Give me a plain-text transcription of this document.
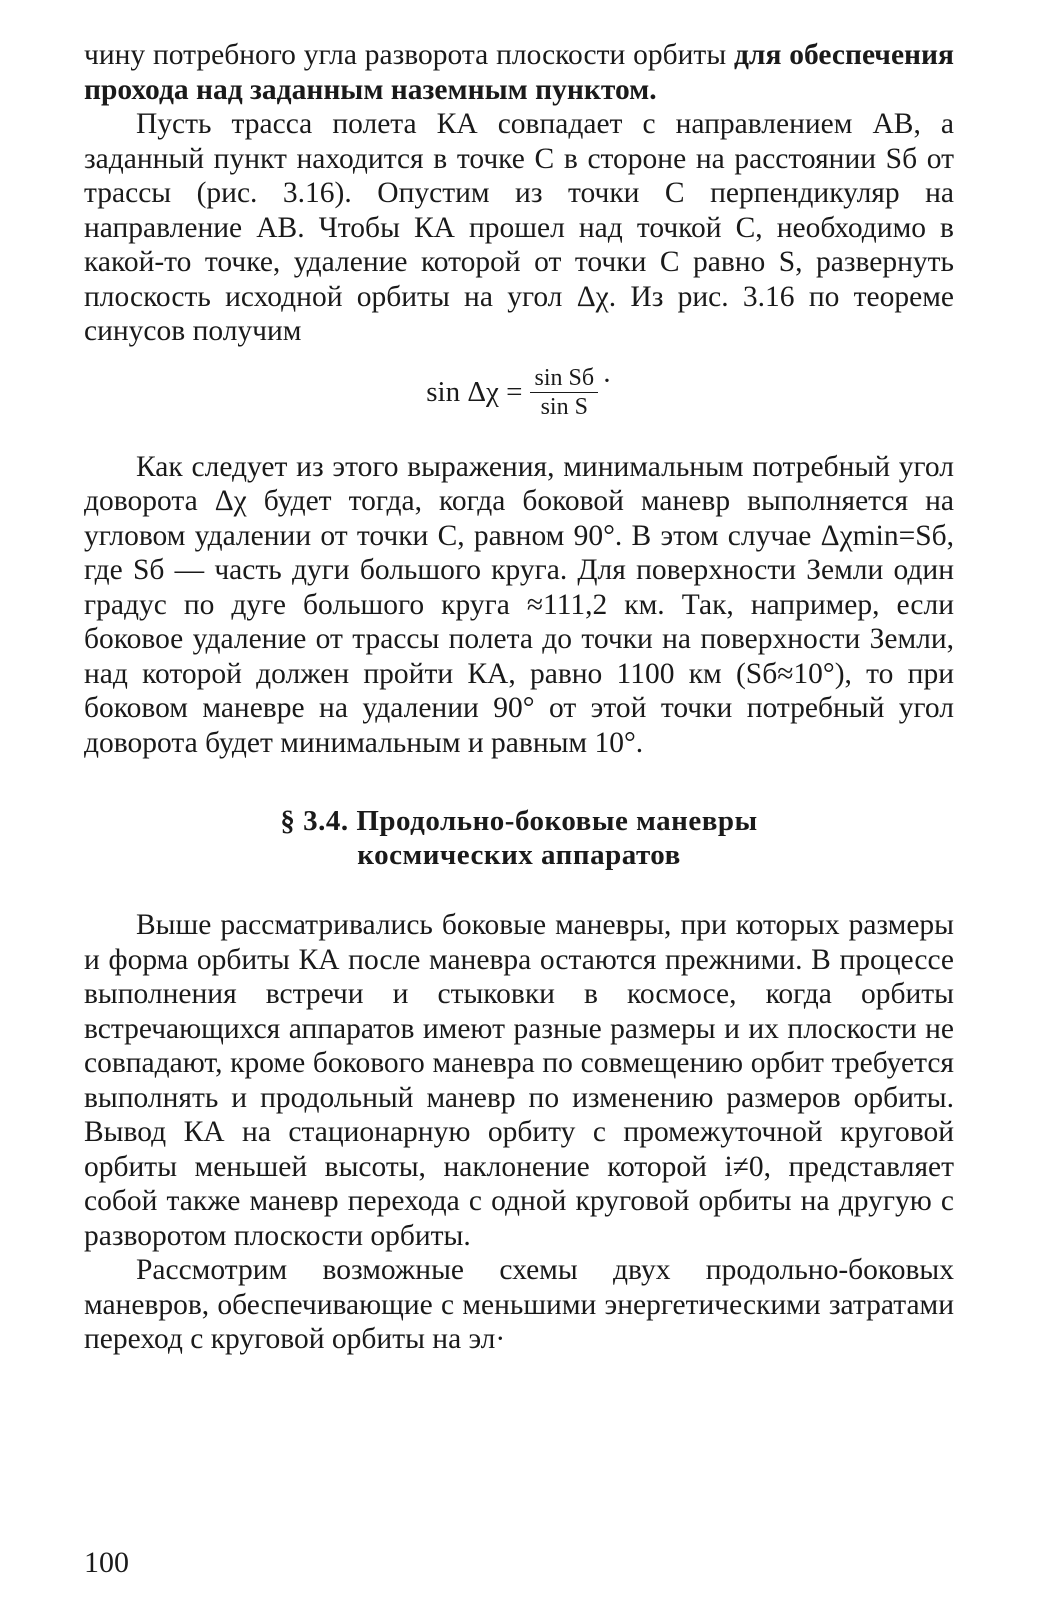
чину потребного угла разворота плоскости орбиты для обеспечения прохода над заданным наземным пунктом.

Пусть трасса полета КА совпадает с направлением AB, а заданный пункт находится в точке C в стороне на расстоянии Sб от трассы (рис. 3.16). Опустим из точки C перпендикуляр на направление AB. Чтобы КА прошел над точкой C, необходимо в какой-то точке, удаление которой от точки C равно S, развернуть плоскость исходной орбиты на угол Δχ. Из рис. 3.16 по теореме синусов получим

$\sin \Delta\chi = \frac{\text{sin Sб}}{\text{sin S}}$ ·

Как следует из этого выражения, минимальным потребный угол доворота Δχ будет тогда, когда боковой маневр выполняется на угловом удалении от точки C, равном 90°. В этом случае Δχmin=Sб, где Sб — часть дуги большого круга. Для поверхности Земли один градус по дуге большого круга ≈111,2 км. Так, например, если боковое удаление от трассы полета до точки на поверхности Земли, над которой должен пройти КА, равно 1100 км (Sб≈10°), то при боковом маневре на удалении 90° от этой точки потребный угол доворота будет минимальным и равным 10°.

§ 3.4. Продольно-боковые маневры
космических аппаратов

Выше рассматривались боковые маневры, при которых размеры и форма орбиты КА после маневра остаются прежними. В процессе выполнения встречи и стыковки в космосе, когда орбиты встречающихся аппаратов имеют разные размеры и их плоскости не совпадают, кроме бокового маневра по совмещению орбит требуется выполнять и продольный маневр по изменению размеров орбиты. Вывод КА на стационарную орбиту с промежуточной круговой орбиты меньшей высоты, наклонение которой i≠0, представляет собой также маневр перехода с одной круговой орбиты на другую с разворотом плоскости орбиты.

Рассмотрим возможные схемы двух продольно-боковых маневров, обеспечивающие с меньшими энергетическими затратами переход с круговой орбиты на эл·

100
